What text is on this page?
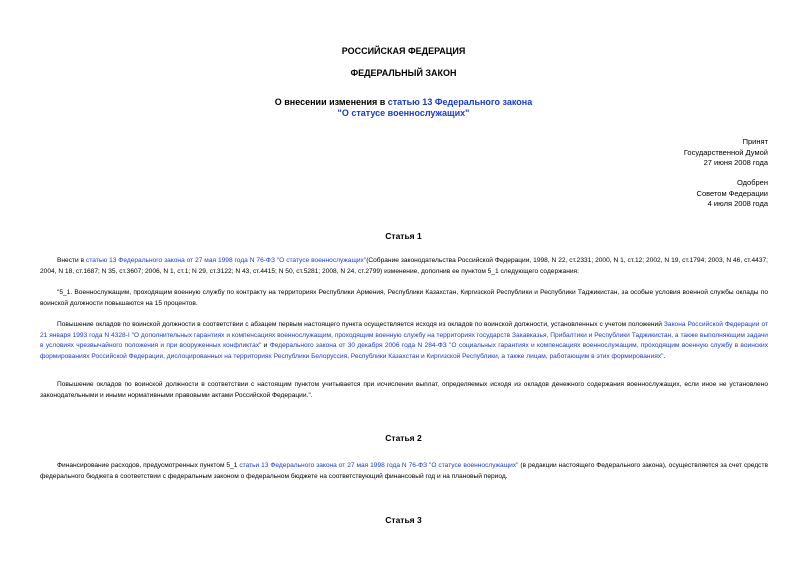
РОССИЙСКАЯ ФЕДЕРАЦИЯ
ФЕДЕРАЛЬНЫЙ ЗАКОН
О внесении изменения в статью 13 Федерального закона
"О статусе военнослужащих"
Принят
Государственной Думой
27 июня 2008 года
Одобрен
Советом Федерации
4 июля 2008 года
Статья 1
Внести в статью 13 Федерального закона от 27 мая 1998 года N 76-ФЗ "О статусе военнослужащих"(Собрание законодательства Российской Федерации, 1998, N 22, ст.2331; 2000, N 1, ст.12; 2002, N 19, ст.1794; 2003, N 46, ст.4437; 2004, N 18, ст.1687; N 35, ст.3607; 2006, N 1, ст.1; N 29, ст.3122; N 43, ст.4415; N 50, ст.5281; 2008, N 24, ст.2799) изменение, дополнив ее пунктом 5_1 следующего содержания:
"5_1. Военнослужащим, проходящим военную службу по контракту на территориях Республики Армения, Республики Казахстан, Киргизской Республики и Республики Таджикистан, за особые условия военной службы оклады по воинской должности повышаются на 15 процентов.
Повышение окладов по воинской должности в соответствии с абзацем первым настоящего пункта осуществляется исходя из окладов по воинской должности, установленных с учетом положений Закона Российской Федерации от 21 января 1993 года N 4328-I "О дополнительных гарантиях и компенсациях военнослужащим, проходящим военную службу на территориях государств Закавказья, Прибалтики и Республики Таджикистан, а также выполняющим задачи в условиях чрезвычайного положения и при вооруженных конфликтах" и Федерального закона от 30 декабря 2006 года N 284-ФЗ "О социальных гарантиях и компенсациях военнослужащим, проходящим военную службу в воинских формированиях Российской Федерации, дислоцированных на территориях Республики Белоруссия, Республики Казахстан и Киргизской Республики, а также лицам, работающим в этих формированиях".
Повышение окладов по воинской должности в соответствии с настоящим пунктом учитывается при исчислении выплат, определяемых исходя из окладов денежного содержания военнослужащих, если иное не установлено законодательными и иными нормативными правовыми актами Российской Федерации.".
Статья 2
Финансирование расходов, предусмотренных пунктом 5_1 статьи 13 Федерального закона от 27 мая 1998 года N 76-ФЗ "О статусе военнослужащих" (в редакции настоящего Федерального закона), осуществляется за счет средств федерального бюджета в соответствии с федеральным законом о федеральном бюджете на соответствующий финансовый год и на плановый период.
Статья 3
